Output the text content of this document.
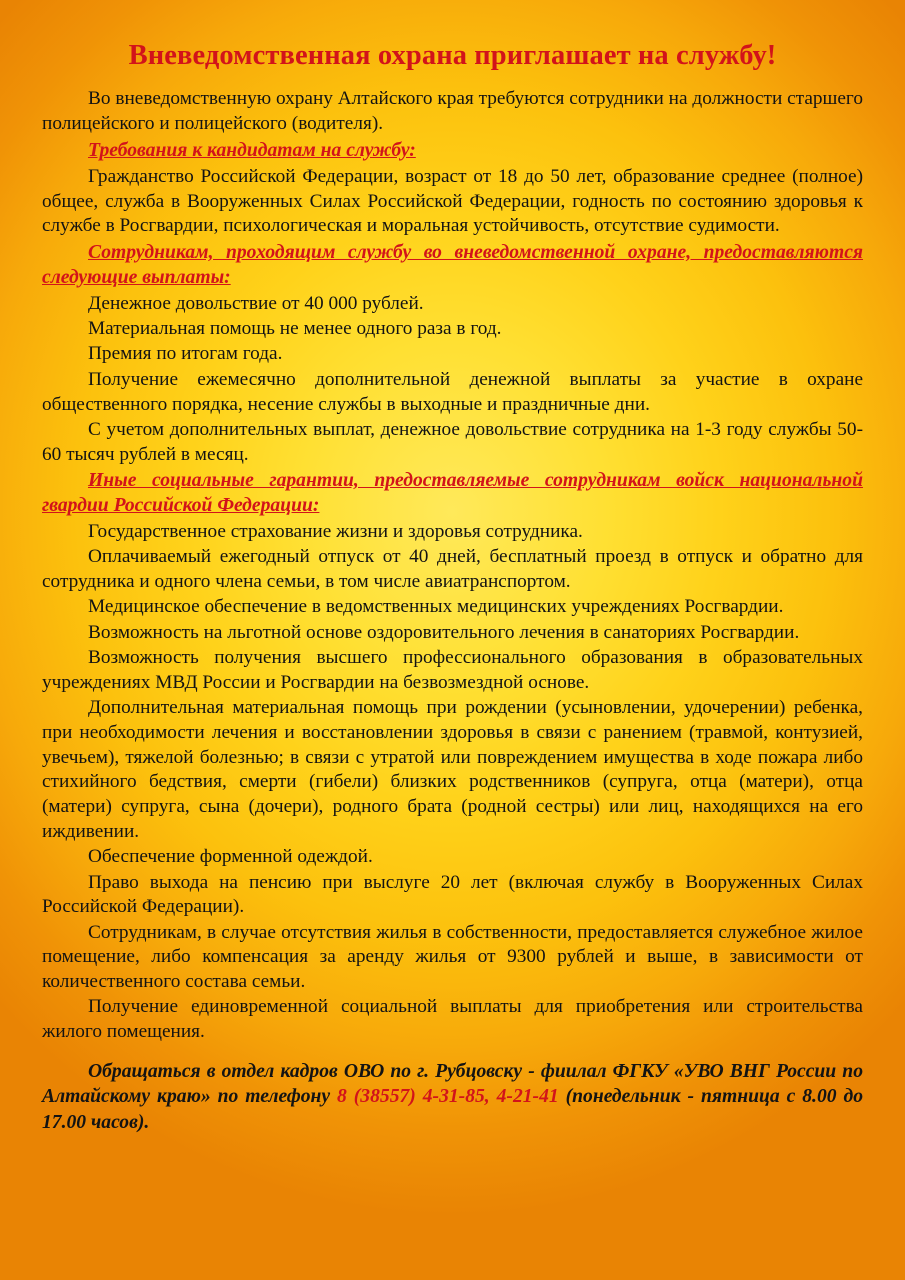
Вневедомственная охрана приглашает на службу!

Во вневедомственную охрану Алтайского края требуются сотрудники на должности старшего полицейского и полицейского (водителя).

Требования к кандидатам на службу:

Гражданство Российской Федерации, возраст от 18 до 50 лет, образование среднее (полное) общее, служба в Вооруженных Силах Российской Федерации, годность по состоянию здоровья к службе в Росгвардии, психологическая и моральная устойчивость, отсутствие судимости.

Сотрудникам, проходящим службу во вневедомственной охране, предоставляются следующие выплаты:

Денежное довольствие от 40 000 рублей.

Материальная помощь не менее одного раза в год.

Премия по итогам года.

Получение ежемесячно дополнительной денежной выплаты за участие в охране общественного порядка, несение службы в выходные и праздничные дни.

С учетом дополнительных выплат, денежное довольствие сотрудника на 1-3 году службы 50-60 тысяч рублей в месяц.

Иные социальные гарантии, предоставляемые сотрудникам войск национальной гвардии Российской Федерации:

Государственное страхование жизни и здоровья сотрудника.

Оплачиваемый ежегодный отпуск от 40 дней, бесплатный проезд в отпуск и обратно для сотрудника и одного члена семьи, в том числе авиатранспортом.

Медицинское обеспечение в ведомственных медицинских учреждениях Росгвардии.

Возможность на льготной основе оздоровительного лечения в санаториях Росгвардии.

Возможность получения высшего профессионального образования в образовательных учреждениях МВД России и Росгвардии на безвозмездной основе.

Дополнительная материальная помощь при рождении (усыновлении, удочерении) ребенка, при необходимости лечения и восстановлении здоровья в связи с ранением (травмой, контузией, увечьем), тяжелой болезнью; в связи с утратой или повреждением имущества в ходе пожара либо стихийного бедствия, смерти (гибели) близких родственников (супруга, отца (матери), отца (матери) супруга, сына (дочери), родного брата (родной сестры) или лиц, находящихся на его иждивении.

Обеспечение форменной одеждой.

Право выхода на пенсию при выслуге 20 лет (включая службу в Вооруженных Силах Российской Федерации).

Сотрудникам, в случае отсутствия жилья в собственности, предоставляется служебное жилое помещение, либо компенсация за аренду жилья от 9300 рублей и выше, в зависимости от количественного состава семьи.

Получение единовременной социальной выплаты для приобретения или строительства жилого помещения.

Обращаться в отдел кадров ОВО по г. Рубцовску - фиилал ФГКУ «УВО ВНГ России по Алтайскому краю» по телефону 8 (38557) 4-31-85, 4-21-41 (понедельник - пятница с 8.00 до 17.00 часов).
